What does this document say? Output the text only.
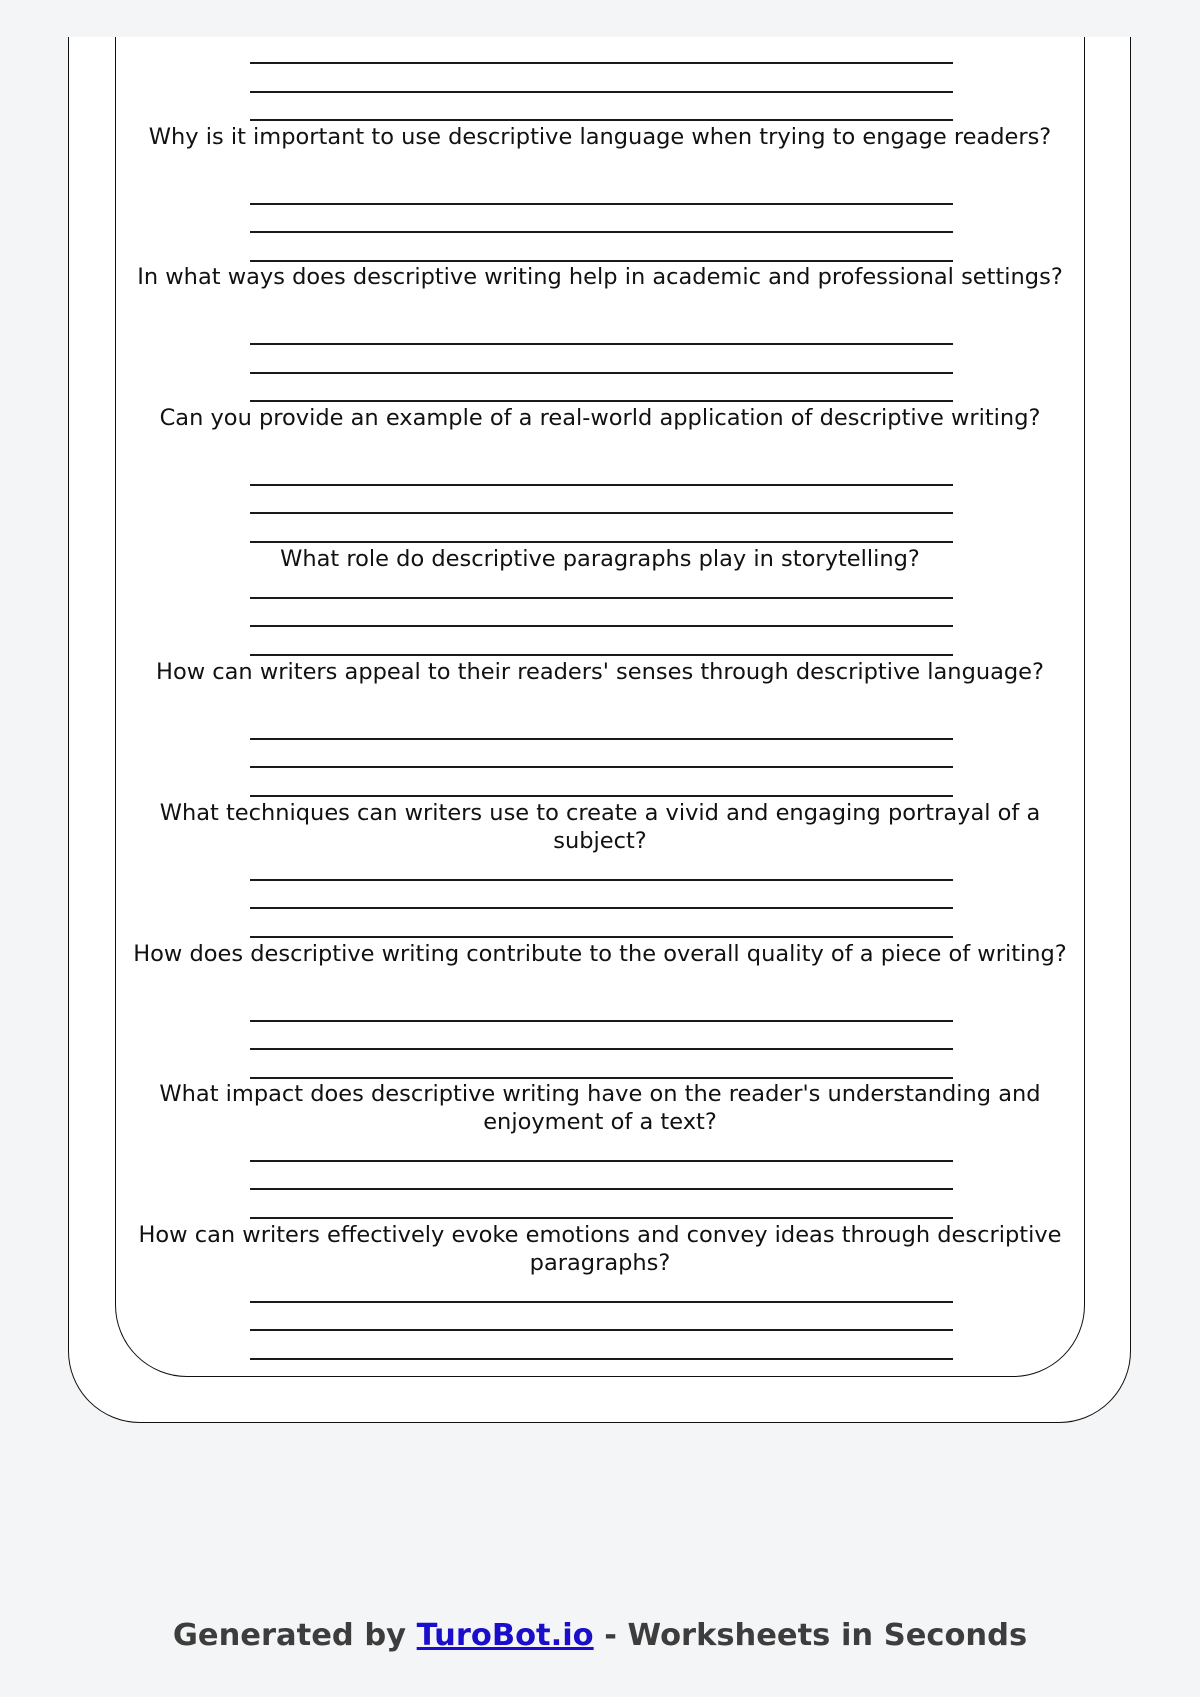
Why is it important to use descriptive language when trying to engage readers?
In what ways does descriptive writing help in academic and professional settings?
Can you provide an example of a real-world application of descriptive writing?
What role do descriptive paragraphs play in storytelling?
How can writers appeal to their readers' senses through descriptive language?
What techniques can writers use to create a vivid and engaging portrayal of a subject?
How does descriptive writing contribute to the overall quality of a piece of writing?
What impact does descriptive writing have on the reader's understanding and enjoyment of a text?
How can writers effectively evoke emotions and convey ideas through descriptive paragraphs?
Generated by TuroBot.io - Worksheets in Seconds
